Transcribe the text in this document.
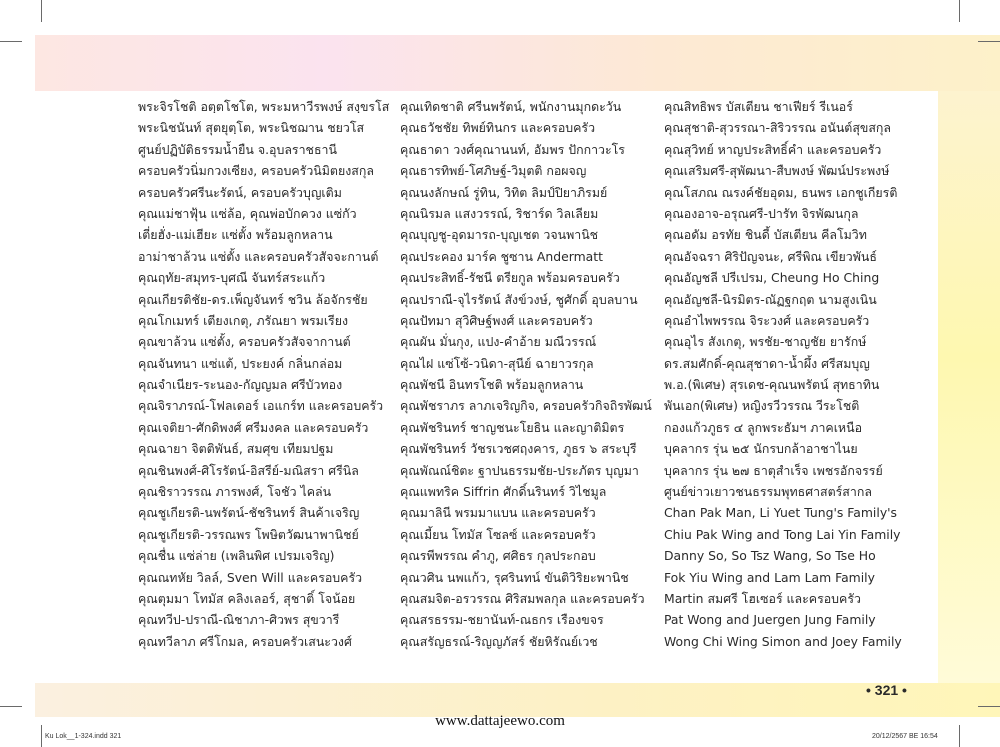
พระจิรโชติ อตฺตโชโต, พระมหาวีรพงษ์ สงฺขรโส
พระนิชนันท์ สุตยุตฺโต, พระนิชฌาน ชยวโส
ศูนย์ปฏิบัติธรรมน้ำยืน จ.อุบลราชธานี
ครอบครัวนิ่มกวงเซียง, ครอบครัวนิมิตยงสกุล
ครอบครัวศรีนะรัตน์, ครอบครัวบุญเติม
คุณแม่ชาฟุ้น แซ่ล้อ, คุณพ่อบักควง แซ่กัว
เตี่ยฮั่ง-แม่เฮียะ แซ่ตั้ง พร้อมลูกหลาน
อาม่าชาล้วน แซ่ตั้ง และครอบครัวสัจจะกานต์
คุณฤทัย-สมุทร-บุศณี จันทร์สระแก้ว
คุณเกียรติชัย-ดร.เพ็ญจันทร์ ชวิน ล้อจักรชัย
คุณโกเมทร์ เตียงเกตุ, ภรัณยา พรมเรียง
คุณขาล้วน แซ่ตั้ง, ครอบครัวสัจจากานต์
คุณจันทนา แซ่แต้, ประยงค์ กลิ่นกล่อม
คุณจำเนียร-ระนอง-กัญญมล ศรีบัวทอง
คุณจิราภรณ์-โฟลเดอร์ เอแกร์ท และครอบครัว
คุณเจติยา-ศักดิพงศ์ ศรีมงคล และครอบครัว
คุณฉายา จิตติพันธ์, สมศุข เทียมปฐม
คุณชินพงศ์-ศิโรรัตน์-อิสรีย์-มณิสรา ศรีนิล
คุณชิราวรรณ ภารพงศ์, โจชัว ไคล่น
คุณชูเกียรติ-นพรัตน์-ชัชรินทร์ สินค้าเจริญ
คุณชูเกียรติ-วรรณพร โพษิตวัฒนาพานิชย์
คุณชื่น แซ่ล่าย (เพลินพิศ เปรมเจริญ)
คุณณทหัย วิลล์, Sven Will และครอบครัว
คุณตุมมา โทมัส คลิงเลอร์, สุชาติ์ โจน้อย
คุณทวีป-ปราณี-ณิชาภา-ศิวพร สุขวารี
คุณทวีลาภ ศรีโกมล, ครอบครัวเสนะวงศ์
คุณเทิดชาติ ศรีนพรัตน์, พนักงานมุกดะวัน
คุณธวัชชัย ทิพย์ทินกร และครอบครัว
คุณธาดา วงศ์คุณานนท์, อัมพร ปักกาวะโร
คุณธารทิพย์-โศภิษฐ์-วิมุตติ กอผจญ
คุณนงลักษณ์ รู่ทิน, วิทิต ลิมป์ปิยาภิรมย์
คุณนิรมล แสงวรรณ์, ริชาร์ด วิลเลียม
คุณบุญชู-อุดมารถ-บุญเชต วจนพานิช
คุณประคอง มาร์ค ชูซาน Andermatt
คุณประสิทธิ์-รัชนี ตรียกูล พร้อมครอบครัว
คุณปราณี-จุไรรัตน์ สังข์วงษ์, ชูศักดิ์ อุบลบาน
คุณปัทมา สุวิศิษฐ์พงศ์ และครอบครัว
คุณผัน มั่นกุง, แปง-คำอ้าย มณีวรรณ์
คุณไฝ แซ่โซ้-วนิดา-สุนีย์ ฉายาวรกุล
คุณพัชนี อินทรโชติ พร้อมลูกหลาน
คุณพัชราภร ลาภเจริญกิจ, ครอบครัวกิจถิรพัฒน์
คุณพัชรินทร์ ชาญชนะโยธิน และญาติมิตร
คุณพัชรินทร์ วัชรเวชศฤงคาร, ภูธร ๖ สระบุรี
คุณพัณณ์ชิตะ ฐาปนธรรมชัย-ประภัตร บุญมา
คุณแพทริค Siffrin ศักดิ์นรินทร์ วิไชมูล
คุณมาลินี พรมมาแบน และครอบครัว
คุณเมี้ยน โทมัส โซลซ์ และครอบครัว
คุณรพีพรรณ คำภู, ศศิธร กุลประกอบ
คุณวศิน นพแก้ว, รุศรินทน์ ขันติวิริยะพานิช
คุณสมจิต-อรวรรณ ศิริสมพลกุล และครอบครัว
คุณสรธรรม-ชยานันท์-ณธกร เรืองขจร
คุณสรัญธรณ์-ริญญภัสร์ ชัยหิรัณย์เวช
คุณสิทธิพร บัสเตียน ชาเฟียร์ รีเนอร์
คุณสุชาติ-สุวรรณา-สิริวรรณ อนันต์สุขสกุล
คุณสุวิทย์ หาญประสิทธิ์คำ และครอบครัว
คุณเสริมศรี-สุพัฒนา-สืบพงษ์ พัฒน์ประพงษ์
คุณโสภณ ณรงค์ชัยอุดม, ธนพร เอกชูเกียรติ
คุณองอาจ-อรุณศรี-ปารัท จิรพัฒนกุล
คุณอดัม อรทัย ชินดี้ บัสเตียน คีลโมวิท
คุณอัจฉรา ศิริปัญจนะ, ศรีพิณ เขียวพันธ์
คุณอัญชลี ปรีเปรม, Cheung Ho Ching
คุณอัญชลี-นิรมิตร-ณัฏฐกฤต นามสูงเนิน
คุณอำไพพรรณ จิระวงศ์ และครอบครัว
คุณอุไร สังเกตุ, พรชัย-ชาญชัย ยารักษ์
ดร.สมศักดิ์-คุณสุชาดา-น้ำผึ้ง ศรีสมบุญ
พ.อ.(พิเศษ) สุรเดช-คุณนพรัตน์ สุทธาทิน
พันเอก(พิเศษ) หญิงรวีวรรณ วีระโชติ
กองแก้วภูธร ๔ ลูกพระธัมฯ ภาคเหนือ
บุคลากร รุ่น ๒๕ นักรบกล้าอาชาไนย
บุคลากร รุ่น ๒๗ ธาตุสำเร็จ เพชรอักจรรย์
ศูนย์ข่าวเยาวชนธรรมพุทธศาสตร์สากล
Chan Pak Man, Li Yuet Tung's Family's
Chiu Pak Wing and Tong Lai Yin Family
Danny So, So Tsz Wang, So Tse Ho
Fok Yiu Wing and Lam Lam Family
Martin สมศรี โฮเซอร์ และครอบครัว
Pat Wong and Juergen Jung Family
Wong Chi Wing Simon and Joey Family
• 321 •
www.dattajeewo.com
Ku Lok__1-324.indd 321	20/12/2567 BE 16:54
